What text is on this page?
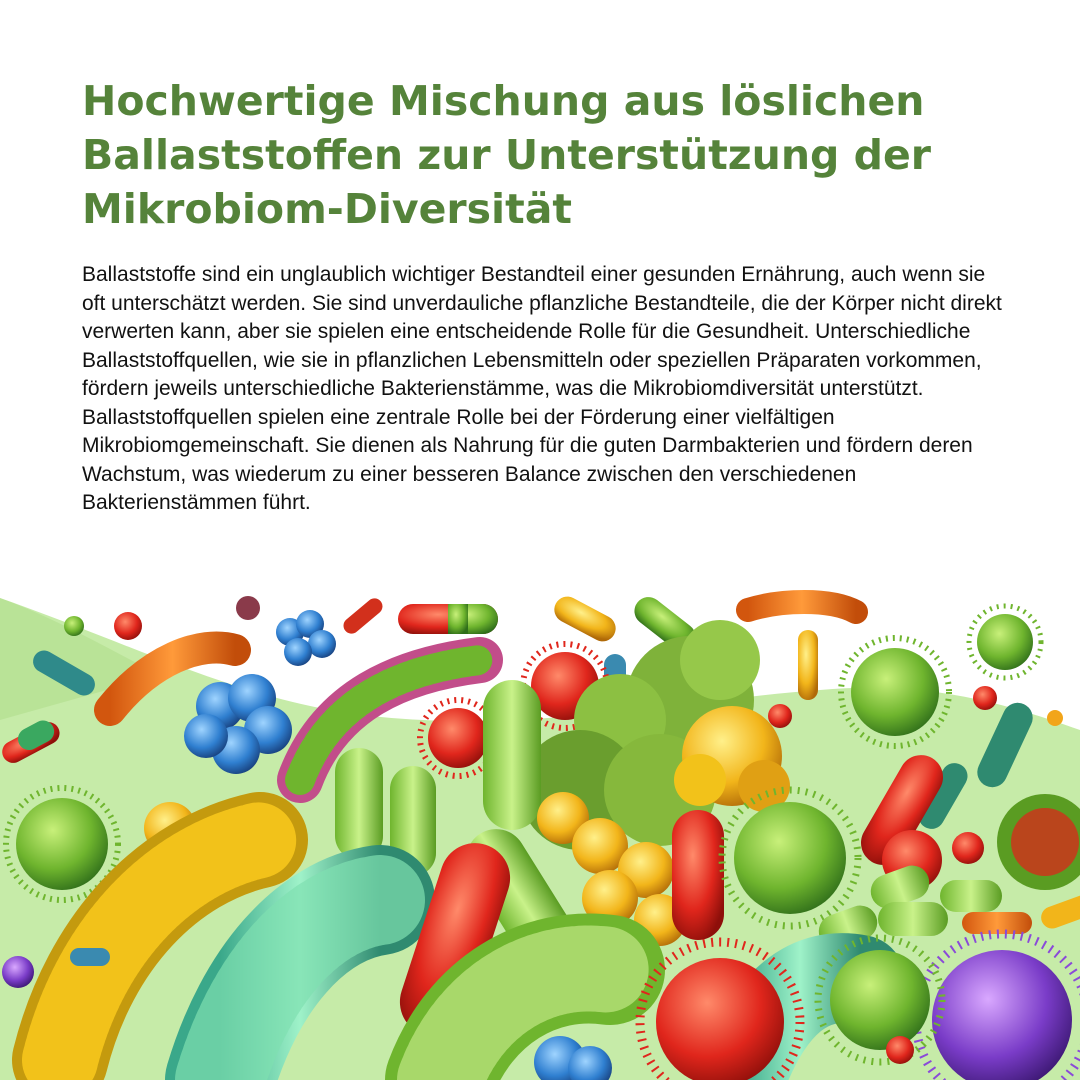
Hochwertige Mischung aus löslichen
Ballaststoffen zur Unterstützung der
Mikrobiom-Diversität

Ballaststoffe sind ein unglaublich wichtiger Bestandteil einer gesunden Ernährung, auch wenn sie oft unterschätzt werden. Sie sind unverdauliche pflanzliche Bestandteile, die der Körper nicht direkt verwerten kann, aber sie spielen eine entscheidende Rolle für die Gesundheit. Unterschiedliche Ballaststoffquellen, wie sie in pflanzlichen Lebensmitteln oder speziellen Präparaten vorkommen, fördern jeweils unterschiedliche Bakterienstämme, was die Mikrobiomdiversität unterstützt. Ballaststoffquellen spielen eine zentrale Rolle bei der Förderung einer vielfältigen Mikrobiomgemeinschaft. Sie dienen als Nahrung für die guten Darmbakterien und fördern deren Wachstum, was wiederum zu einer besseren Balance zwischen den verschiedenen Bakterienstämmen führt.
